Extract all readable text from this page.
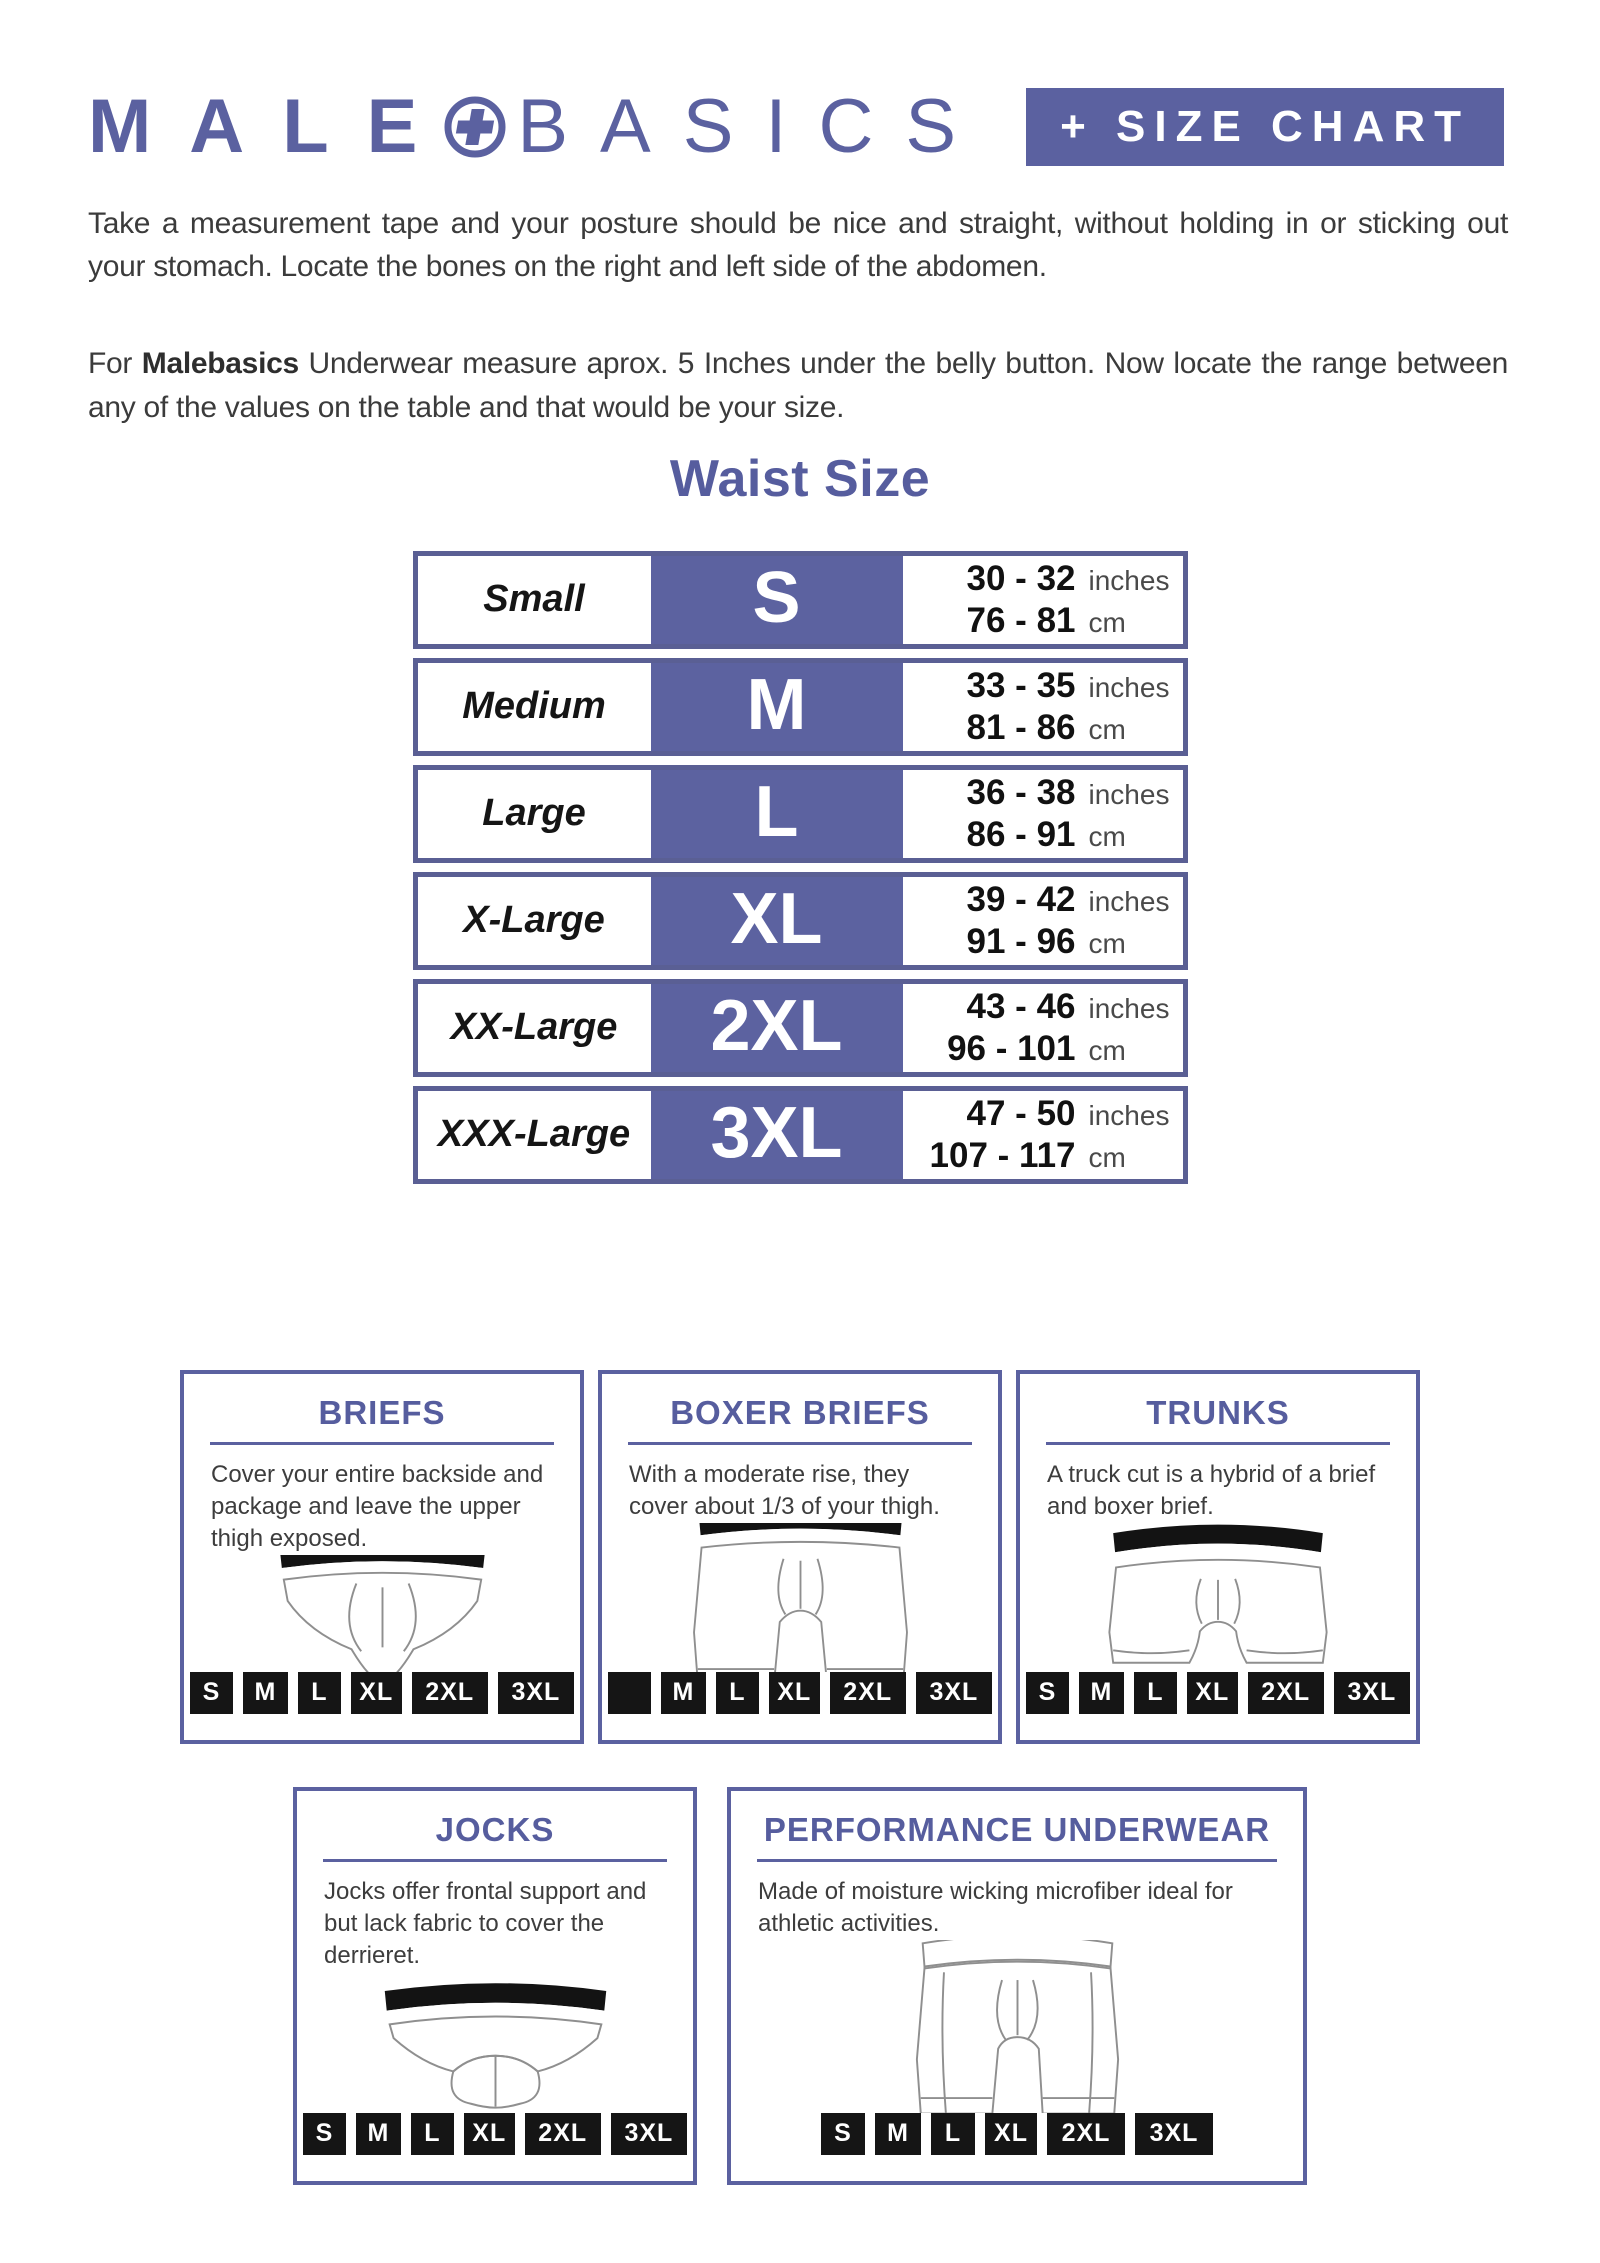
MALE BASICS + SIZE CHART

Take a measurement tape and your posture should be nice and straight, without holding in or sticking out your stomach. Locate the bones on the right and left side of the abdomen.

For Malebasics Underwear measure aprox. 5 Inches under the belly button. Now locate the range between any of the values on the table and that would be your size.

Waist Size
Small	S	30 - 32 inches
76 - 81 cm
Medium	M	33 - 35 inches
81 - 86 cm
Large	L	36 - 38 inches
86 - 91 cm
X-Large	XL	39 - 42 inches
91 - 96 cm
XX-Large	2XL	43 - 46 inches
96 - 101 cm
XXX-Large	3XL	47 - 50 inches
107 - 117 cm
BRIEFS

Cover your entire backside and package and leave the upper thigh exposed.

S	M	L	XL	2XL	3XL
BOXER BRIEFS

With a moderate rise, they cover about 1/3 of your thigh.

M	L	XL	2XL	3XL
TRUNKS

A truck cut is a hybrid of a brief and boxer brief.

S	M	L	XL	2XL	3XL
JOCKS

Jocks offer frontal support and but lack fabric to cover the derrieret.

S	M	L	XL	2XL	3XL
PERFORMANCE UNDERWEAR

Made of moisture wicking microfiber ideal for athletic activities.

S	M	L	XL	2XL	3XL
